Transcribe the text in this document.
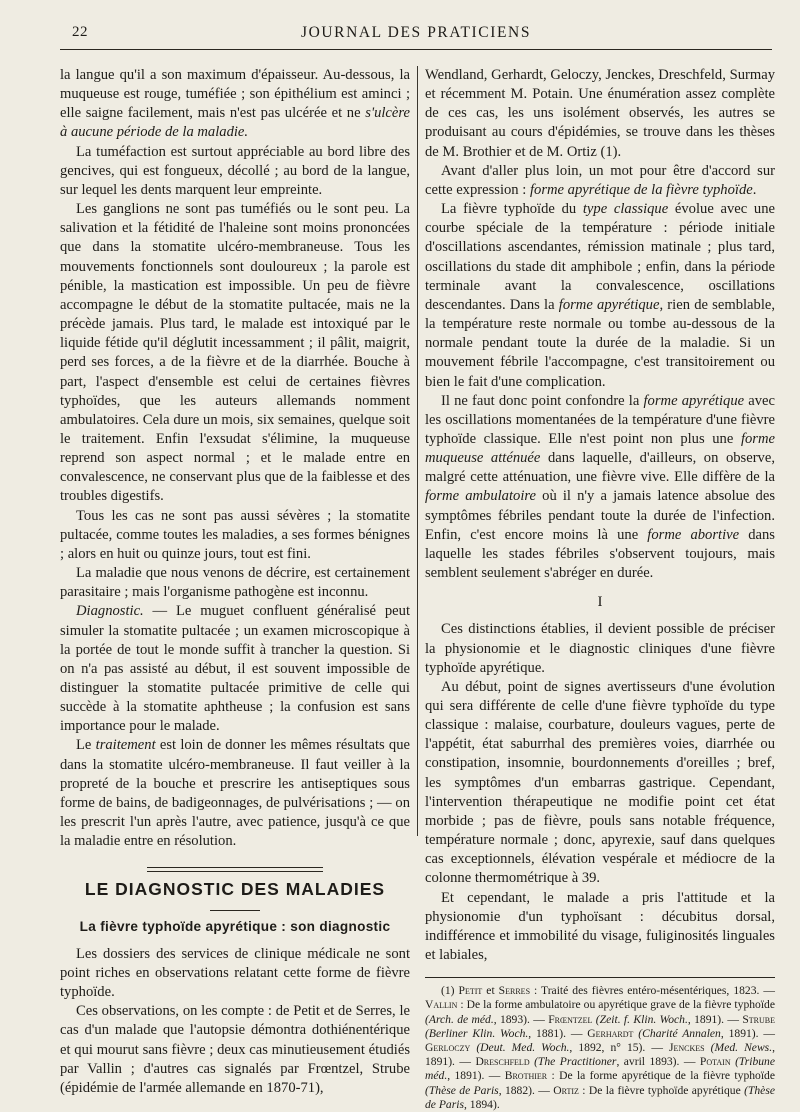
22	JOURNAL DES PRATICIENS

la langue qu'il a son maximum d'épaisseur. Au-dessous, la muqueuse est rouge, tuméfiée ; son épithélium est aminci ; elle saigne facilement, mais n'est pas ulcérée et ne s'ulcère à aucune période de la maladie.

La tuméfaction est surtout appréciable au bord libre des gencives, qui est fongueux, décollé ; au bord de la langue, sur lequel les dents marquent leur empreinte.

Les ganglions ne sont pas tuméfiés ou le sont peu. La salivation et la fétidité de l'haleine sont moins prononcées que dans la stomatite ulcéro-membraneuse. Tous les mouvements fonctionnels sont douloureux ; la parole est pénible, la mastication est impossible. Un peu de fièvre accompagne le début de la stomatite pultacée, mais ne la précède jamais. Plus tard, le malade est intoxiqué par le liquide fétide qu'il déglutit incessamment ; il pâlit, maigrit, perd ses forces, a de la fièvre et de la diarrhée. Bouche à part, l'aspect d'ensemble est celui de certaines fièvres typhoïdes, que les auteurs allemands nomment ambulatoires. Cela dure un mois, six semaines, quelque soit le traitement. Enfin l'exsudat s'élimine, la muqueuse reprend son aspect normal ; et le malade entre en convalescence, ne conservant plus que de la faiblesse et des troubles digestifs.

Tous les cas ne sont pas aussi sévères ; la stomatite pultacée, comme toutes les maladies, a ses formes bénignes ; alors en huit ou quinze jours, tout est fini.

La maladie que nous venons de décrire, est certainement parasitaire ; mais l'organisme pathogène est inconnu.

Diagnostic. — Le muguet confluent généralisé peut simuler la stomatite pultacée ; un examen microscopique à la portée de tout le monde suffit à trancher la question. Si on n'a pas assisté au début, il est souvent impossible de distinguer la stomatite pultacée primitive de celle qui succède à la stomatite aphtheuse ; la confusion est sans importance pour le malade.

Le traitement est loin de donner les mêmes résultats que dans la stomatite ulcéro-membraneuse. Il faut veiller à la propreté de la bouche et prescrire les antiseptiques sous forme de bains, de badigeonnages, de pulvérisations ; — on les prescrit l'un après l'autre, avec patience, jusqu'à ce que la maladie entre en résolution.

LE DIAGNOSTIC DES MALADIES
La fièvre typhoïde apyrétique : son diagnostic

Les dossiers des services de clinique médicale ne sont point riches en observations relatant cette forme de fièvre typhoïde.

Ces observations, on les compte : de Petit et de Serres, le cas d'un malade que l'autopsie démontra dothiénentérique et qui mourut sans fièvre ; deux cas minutieusement étudiés par Vallin ; d'autres cas signalés par Frœntzel, Strube (épidémie de l'armée allemande en 1870-71),

Wendland, Gerhardt, Geloczy, Jenckes, Dreschfeld, Surmay et récemment M. Potain. Une énumération assez complète de ces cas, les uns isolément observés, les autres se produisant au cours d'épidémies, se trouve dans les thèses de M. Brothier et de M. Ortiz (1).

Avant d'aller plus loin, un mot pour être d'accord sur cette expression : forme apyrétique de la fièvre typhoïde.

La fièvre typhoïde du type classique évolue avec une courbe spéciale de la température : période initiale d'oscillations ascendantes, rémission matinale ; plus tard, oscillations du stade dit amphibole ; enfin, dans la période terminale avant la convalescence, oscillations descendantes. Dans la forme apyrétique, rien de semblable, la température reste normale ou tombe au-dessous de la normale pendant toute la durée de la maladie. Si un mouvement fébrile l'accompagne, c'est transitoirement ou bien le fait d'une complication.

Il ne faut donc point confondre la forme apyrétique avec les oscillations momentanées de la température d'une fièvre typhoïde classique. Elle n'est point non plus une forme muqueuse atténuée dans laquelle, d'ailleurs, on observe, malgré cette atténuation, une fièvre vive. Elle diffère de la forme ambulatoire où il n'y a jamais latence absolue des symptômes fébriles pendant toute la durée de l'infection. Enfin, c'est encore moins là une forme abortive dans laquelle les stades fébriles s'observent toujours, mais semblent seulement s'abréger en durée.

I

Ces distinctions établies, il devient possible de préciser la physionomie et le diagnostic cliniques d'une fièvre typhoïde apyrétique.

Au début, point de signes avertisseurs d'une évolution qui sera différente de celle d'une fièvre typhoïde du type classique : malaise, courbature, douleurs vagues, perte de l'appétit, état saburrhal des premières voies, diarrhée ou constipation, insomnie, bourdonnements d'oreilles ; bref, les symptômes d'un embarras gastrique. Cependant, l'intervention thérapeutique ne modifie point cet état morbide ; pas de fièvre, pouls sans notable fréquence, température normale ; donc, apyrexie, sauf dans quelques cas exceptionnels, élévation vespérale et médiocre de la colonne thermométrique à 39.

Et cependant, le malade a pris l'attitude et la physionomie d'un typhoïsant : décubitus dorsal, indifférence et immobilité du visage, fuliginosités linguales et labiales,

(1) Petit et Serres : Traité des fièvres entéro-mésentériques, 1823. — Vallin : De la forme ambulatoire ou apyrétique grave de la fièvre typhoïde (Arch. de méd., 1893). — Frœntzel (Zeit. f. Klin. Woch., 1891). — Strube (Berliner Klin. Woch., 1881). — Gerhardt (Charité Annalen, 1891). — Gerloczy (Deut. Med. Woch., 1892, n° 15). — Jenckes (Med. News., 1891). — Dreschfeld (The Practitioner, avril 1893). — Potain (Tribune méd., 1891). — Brothier : De la forme apyrétique de la fièvre typhoïde (Thèse de Paris, 1882). — Ortiz : De la fièvre typhoïde apyrétique (Thèse de Paris, 1894).
